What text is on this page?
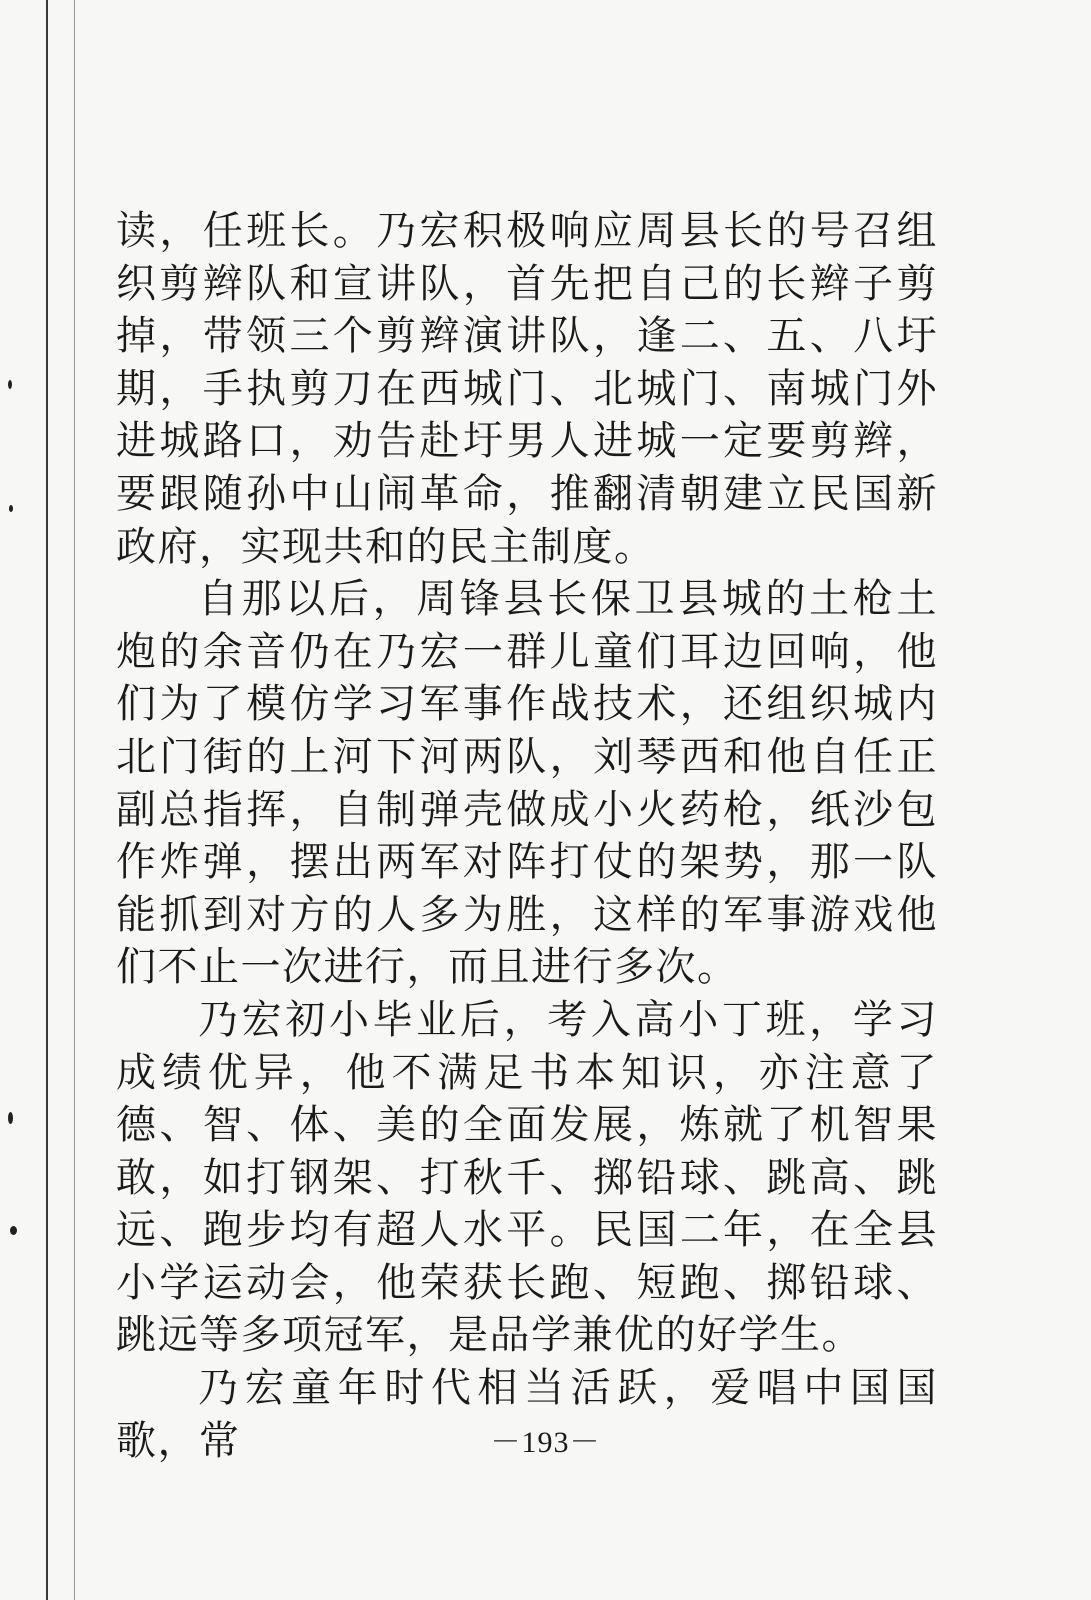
读，任班长。乃宏积极响应周县长的号召组织剪辫队和宣讲队，首先把自己的长辫子剪掉，带领三个剪辫演讲队，逢二、五、八圩期，手执剪刀在西城门、北城门、南城门外进城路口，劝告赴圩男人进城一定要剪辫，要跟随孙中山闹革命，推翻清朝建立民国新政府，实现共和的民主制度。

自那以后，周锋县长保卫县城的土枪土炮的余音仍在乃宏一群儿童们耳边回响，他们为了模仿学习军事作战技术，还组织城内北门街的上河下河两队，刘琴西和他自任正副总指挥，自制弹壳做成小火药枪，纸沙包作炸弹，摆出两军对阵打仗的架势，那一队能抓到对方的人多为胜，这样的军事游戏他们不止一次进行，而且进行多次。

乃宏初小毕业后，考入高小丁班，学习成绩优异，他不满足书本知识，亦注意了德、智、体、美的全面发展，炼就了机智果敢，如打钢架、打秋千、掷铅球、跳高、跳远、跑步均有超人水平。民国二年，在全县小学运动会，他荣获长跑、短跑、掷铅球、跳远等多项冠军，是品学兼优的好学生。

乃宏童年时代相当活跃，爱唱中国国歌，常	－193－
